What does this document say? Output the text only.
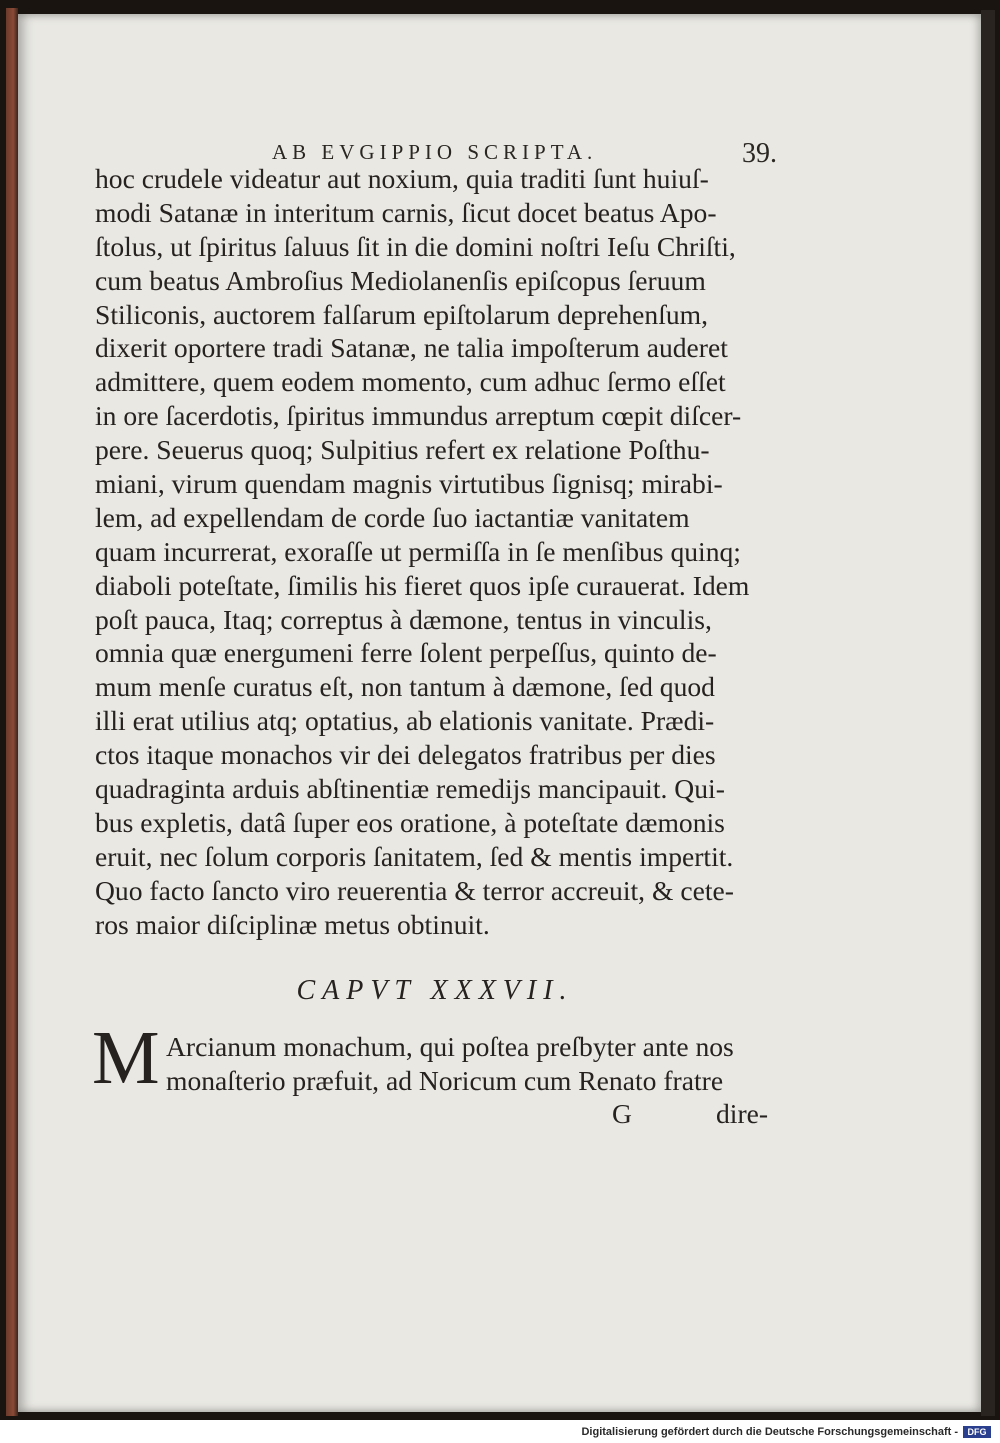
AB EVGIPPIO SCRIPTA.	39.
hoc crudele videatur aut noxium, quia traditi ſunt huiuſ-
modi Satanæ in interitum carnis, ſicut docet beatus Apo-
ſtolus, ut ſpiritus ſaluus ſit in die domini noſtri Ieſu Chriſti,
cum beatus Ambroſius Mediolanenſis epiſcopus ſeruum
Stiliconis, auctorem falſarum epiſtolarum deprehenſum,
dixerit oportere tradi Satanæ, ne talia impoſterum auderet
admittere, quem eodem momento, cum adhuc ſermo eſſet
in ore ſacerdotis, ſpiritus immundus arreptum cœpit diſcer-
pere. Seuerus quoq; Sulpitius refert ex relatione Poſthu-
miani, virum quendam magnis virtutibus ſignisq; mirabi-
lem, ad expellendam de corde ſuo iactantiæ vanitatem
quam incurrerat, exoraſſe ut permiſſa in ſe menſibus quinq;
diaboli poteſtate, ſimilis his fieret quos ipſe curauerat. Idem
poſt pauca, Itaq; correptus à dæmone, tentus in vinculis,
omnia quæ energumeni ferre ſolent perpeſſus, quinto de-
mum menſe curatus eſt, non tantum à dæmone, ſed quod
illi erat utilius atq; optatius, ab elationis vanitate. Prædi-
ctos itaque monachos vir dei delegatos fratribus per dies
quadraginta arduis abſtinentiæ remedijs mancipauit. Qui-
bus expletis, datâ ſuper eos oratione, à poteſtate dæmonis
eruit, nec ſolum corporis ſanitatem, ſed & mentis impertit.
Quo facto ſancto viro reuerentia & terror accreuit, & cete-
ros maior diſciplinæ metus obtinuit.
CAPVT XXXVII.
M Arcianum monachum, qui poſtea preſbyter ante nos
monaſterio præfuit, ad Noricum cum Renato fratre
G	dire-
Digitalisierung gefördert durch die Deutsche Forschungsgemeinschaft -	DFG
